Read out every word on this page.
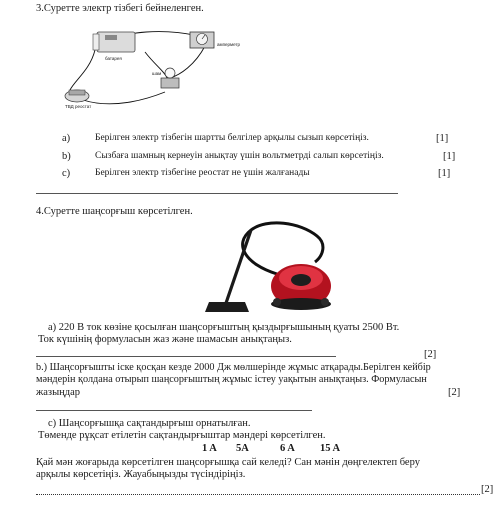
3.Суретте электр тізбегі бейнеленген.
батарея
амперметр
шам
ТВД реостат
a)	Берілген электр тізбегін шартты белгілер арқылы сызып көрсетіңіз.	[1]
b)	Сызбаға шамның кернеуін анықтау үшін вольтметрді салып көрсетіңіз.	[1]
c)	Берілген электр тізбегіне реостат не үшін жалғанады	[1]
4.Суретте шаңсорғыш көрсетілген.
a) 220 В ток көзіне қосылған шаңсорғыштың қыздырғышының қуаты 2500 Вт.
Ток күшінің формуласын жаз және шамасын анықтаңыз.
[2]
b.) Шаңсорғышты іске қосқан кезде 2000 Дж мөлшерінде жұмыс атқарады.Берілген кейбір
мәндерін қолдана отырып шаңсорғыштың жұмыс істеу уақытын анықтаңыз. Формуласын
жазыңдар	[2]
c) Шаңсорғышқа сақтандырғыш орнатылған.
Төменде рұқсат етілетін сақтандырғыштар мәндері көрсетілген.
1 A 5A	6 A 15 A
Қай мән жоғарыда көрсетілген шаңсорғышқа сай келеді? Сан мәнін дөңгелектеп беру
арқылы көрсетіңіз. Жауабыңызды түсіндіріңіз.
[2]
